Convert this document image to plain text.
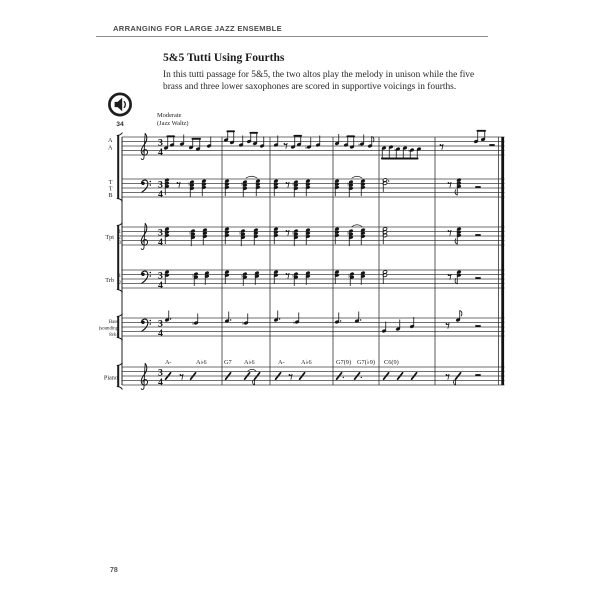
ARRANGING FOR LARGE JAZZ ENSEMBLE
5&5 Tutti Using Fourths
In this tutti passage for 5&5, the two altos play the melody in unison while the five
brass and three lower saxophones are scored in supportive voicings in fourths.
34
♭	♭
♭ ♭
♭	♭	♭	♭
♭	♭	♭	♭
♭	♭	♭	♭
♭	♭	♭
Moderate
(Jazz Waltz)
A
A
T
T
B
Tpt
1
2
3
Trb
1
2
Bass
(sounding
8vb)
Piano
3
4
3
4
3
4
3
4
3
4
3
4
A-	A♭6	G7 A♭6	A-	A♭6	G7(9) G7(♭9) C6(9)
78
